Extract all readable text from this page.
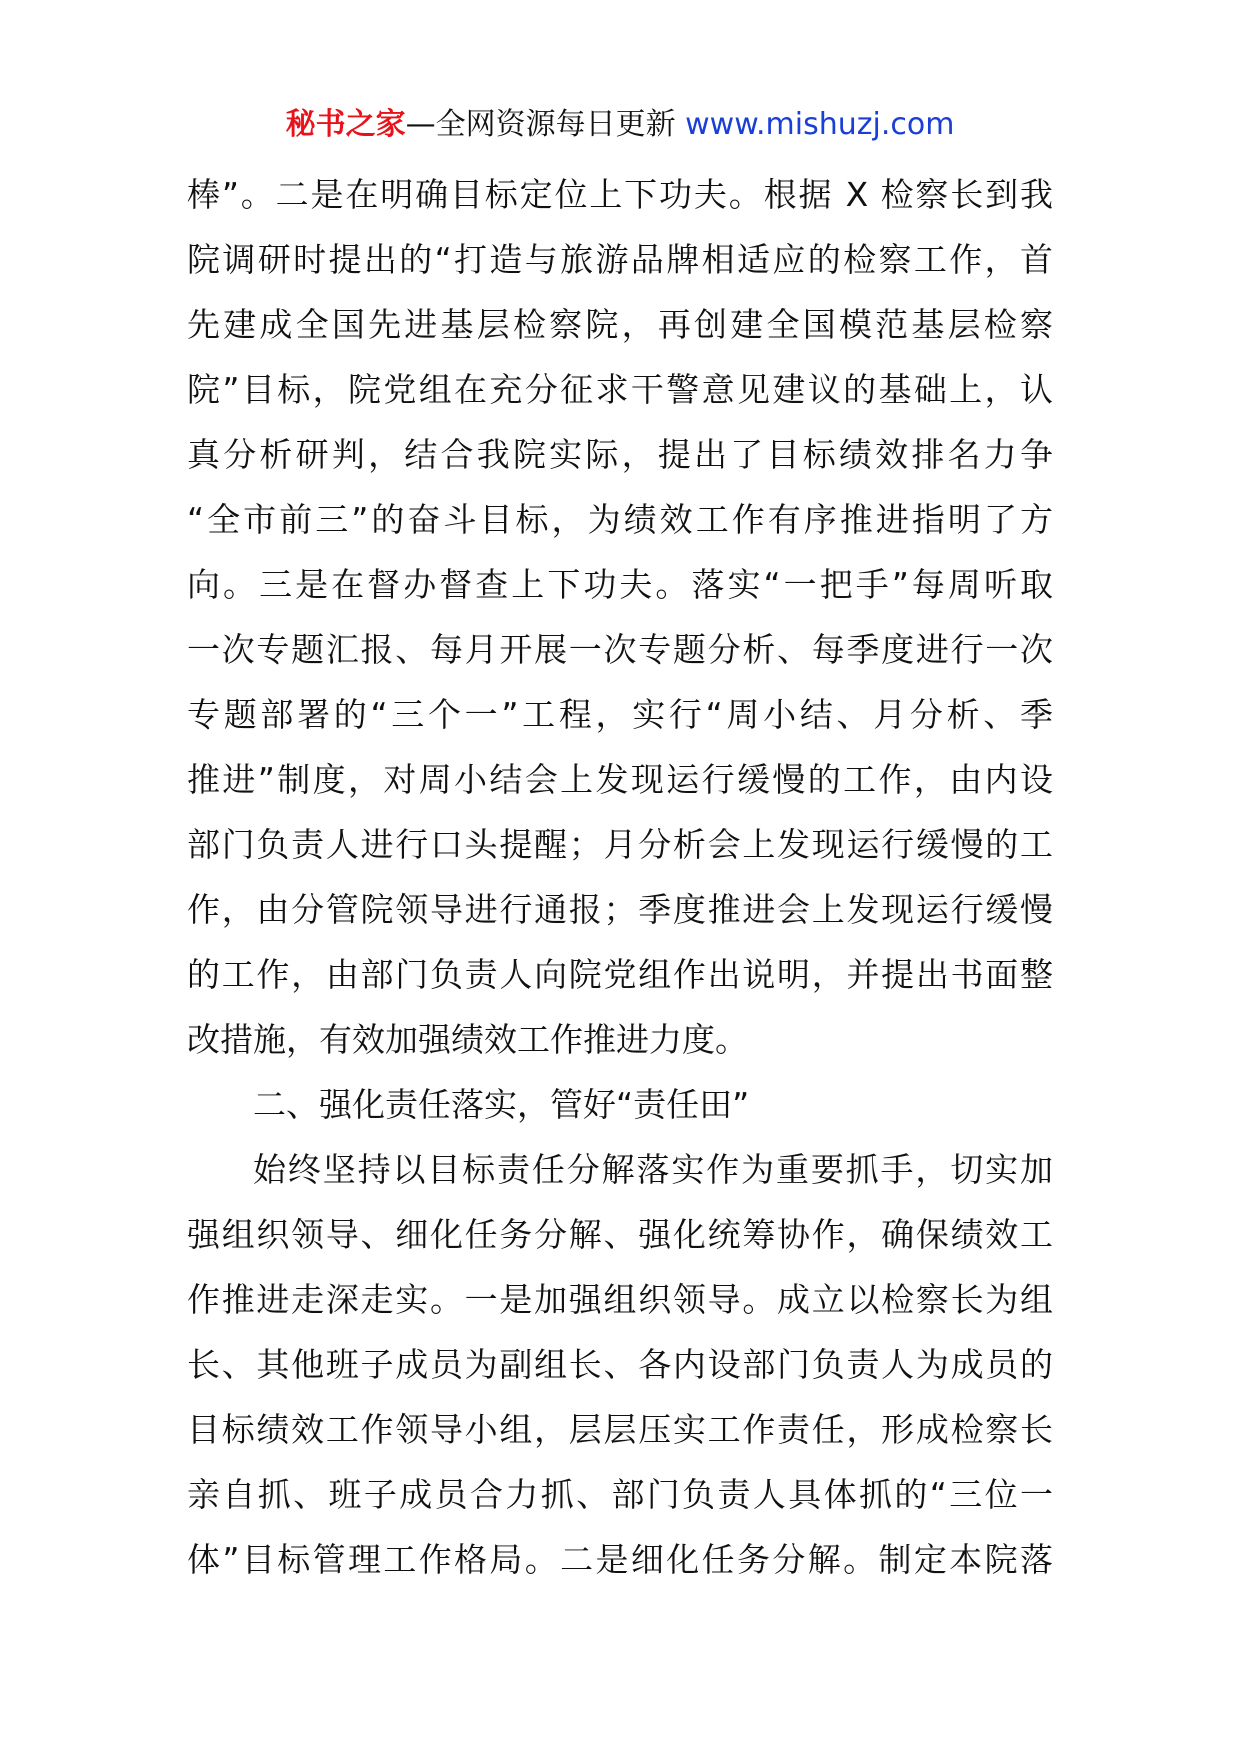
秘书之家—全网资源每日更新 www.mishuzj.com
棒”。二是在明确目标定位上下功夫。根据 X 检察长到我
院调研时提出的“打造与旅游品牌相适应的检察工作，首
先建成全国先进基层检察院，再创建全国模范基层检察
院”目标，院党组在充分征求干警意见建议的基础上，认
真分析研判，结合我院实际，提出了目标绩效排名力争
“全市前三”的奋斗目标，为绩效工作有序推进指明了方
向。三是在督办督查上下功夫。落实“一把手”每周听取
一次专题汇报、每月开展一次专题分析、每季度进行一次
专题部署的“三个一”工程，实行“周小结、月分析、季
推进”制度，对周小结会上发现运行缓慢的工作，由内设
部门负责人进行口头提醒；月分析会上发现运行缓慢的工
作，由分管院领导进行通报；季度推进会上发现运行缓慢
的工作，由部门负责人向院党组作出说明，并提出书面整
改措施，有效加强绩效工作推进力度。
二、强化责任落实，管好“责任田”
始终坚持以目标责任分解落实作为重要抓手，切实加
强组织领导、细化任务分解、强化统筹协作，确保绩效工
作推进走深走实。一是加强组织领导。成立以检察长为组
长、其他班子成员为副组长、各内设部门负责人为成员的
目标绩效工作领导小组，层层压实工作责任，形成检察长
亲自抓、班子成员合力抓、部门负责人具体抓的“三位一
体”目标管理工作格局。二是细化任务分解。制定本院落
